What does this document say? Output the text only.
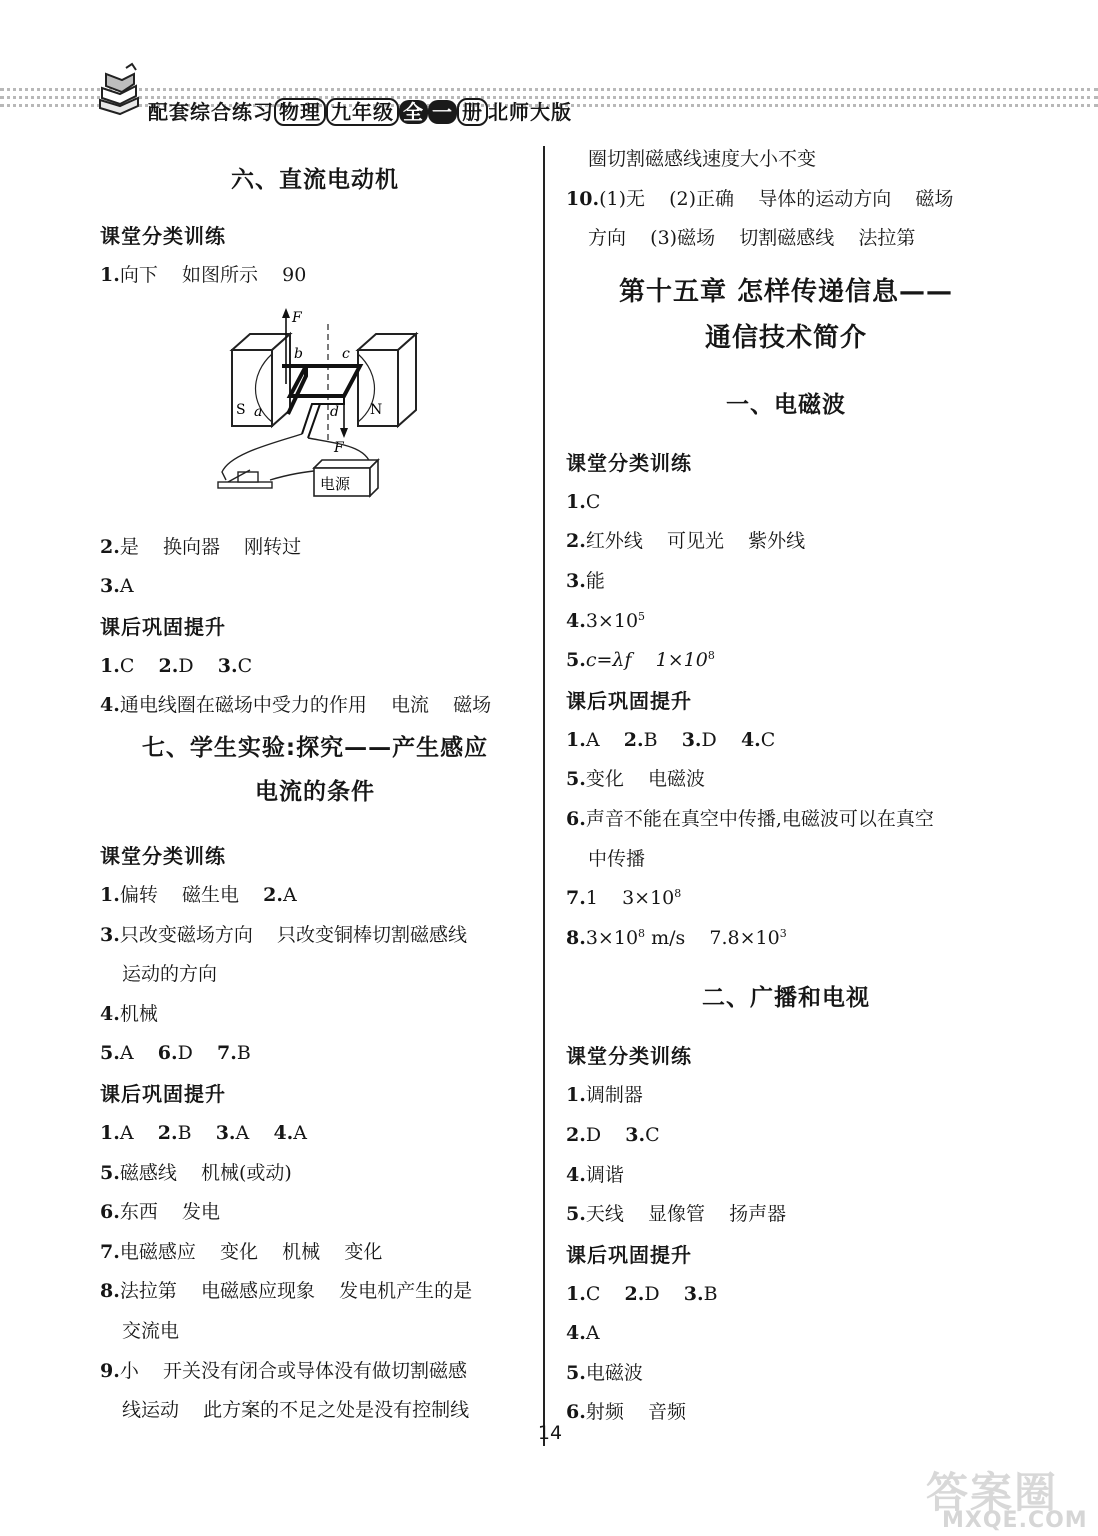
配套综合练习 物理 九年级 全 一 册 北师大版
六、直流电动机
课堂分类训练
1.向下    如图所示    90
F
b	c
a	d
F
S	N
电源
2.是    换向器    刚转过
3.A
课后巩固提升
1.C    2.D    3.C
4.通电线圈在磁场中受力的作用    电流    磁场
七、学生实验:探究——产生感应
电流的条件
课堂分类训练
1.偏转    磁生电    2.A
3.只改变磁场方向    只改变铜棒切割磁感线
运动的方向
4.机械
5.A    6.D    7.B
课后巩固提升
1.A    2.B    3.A    4.A
5.磁感线    机械(或动)
6.东西    发电
7.电磁感应    变化    机械    变化
8.法拉第    电磁感应现象    发电机产生的是
交流电
9.小    开关没有闭合或导体没有做切割磁感
线运动    此方案的不足之处是没有控制线
圈切割磁感线速度大小不变
10.(1)无    (2)正确    导体的运动方向    磁场
方向    (3)磁场    切割磁感线    法拉第
第十五章 怎样传递信息——
通信技术简介
一、电磁波
课堂分类训练
1.C
2.红外线    可见光    紫外线
3.能
$4.3\times 10^5$
5.c=λf    $1\times 10^8$
课后巩固提升
1.A    2.B    3.D    4.C
5.变化    电磁波
6.声音不能在真空中传播,电磁波可以在真空
中传播
7.1    $3\times 10^8$
$8.3\times 10^8$ m/s    $7.8\times 10^3$
二、广播和电视
课堂分类训练
1.调制器
2.D    3.C
4.调谐
5.天线    显像管    扬声器
课后巩固提升
1.C    2.D    3.B
4.A
5.电磁波
6.射频    音频
14
答案圈
MXQE.COM
